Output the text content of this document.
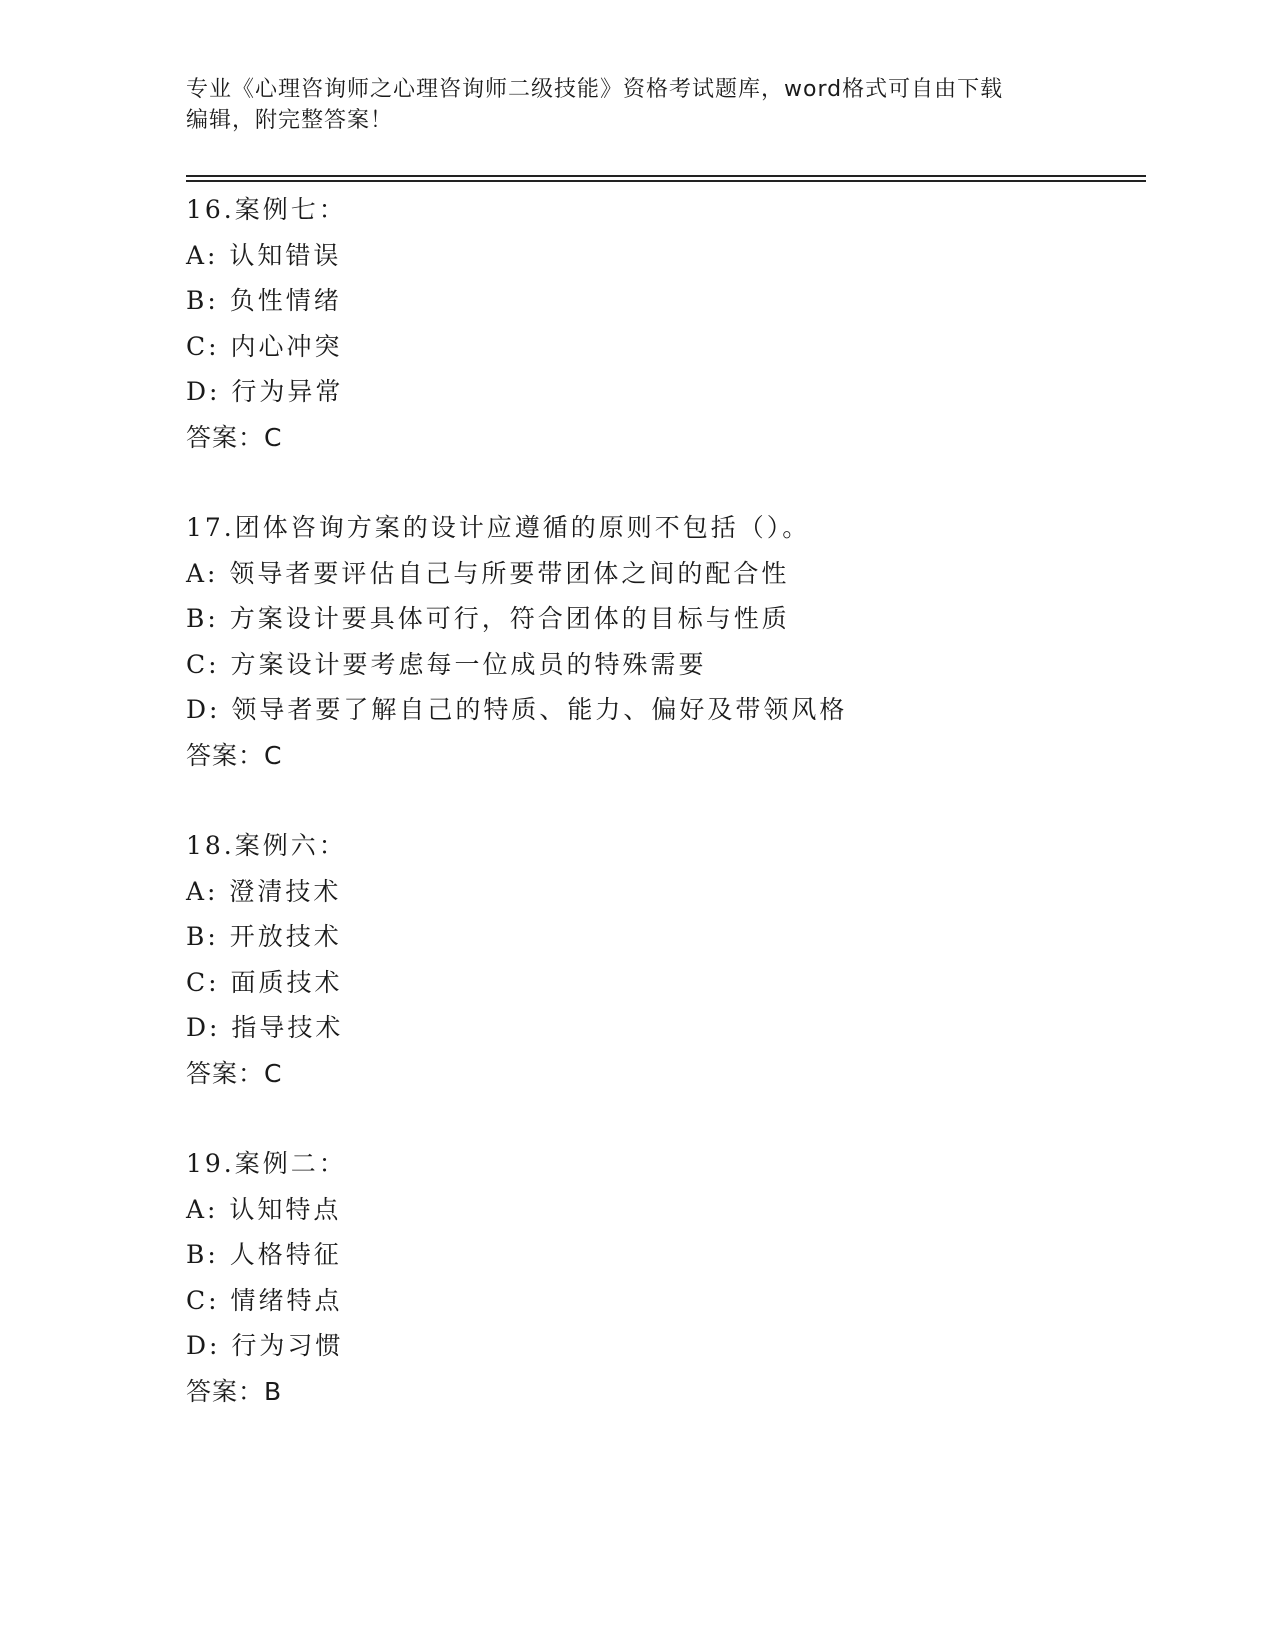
专业《心理咨询师之心理咨询师二级技能》资格考试题库，word格式可自由下载
编辑，附完整答案！
16.案例七：
A: 认知错误
B: 负性情绪
C: 内心冲突
D: 行为异常
答案：C
17.团体咨询方案的设计应遵循的原则不包括（）。
A: 领导者要评估自己与所要带团体之间的配合性
B: 方案设计要具体可行，符合团体的目标与性质
C: 方案设计要考虑每一位成员的特殊需要
D: 领导者要了解自己的特质、能力、偏好及带领风格
答案：C
18.案例六：
A: 澄清技术
B: 开放技术
C: 面质技术
D: 指导技术
答案：C
19.案例二：
A: 认知特点
B: 人格特征
C: 情绪特点
D: 行为习惯
答案：B
